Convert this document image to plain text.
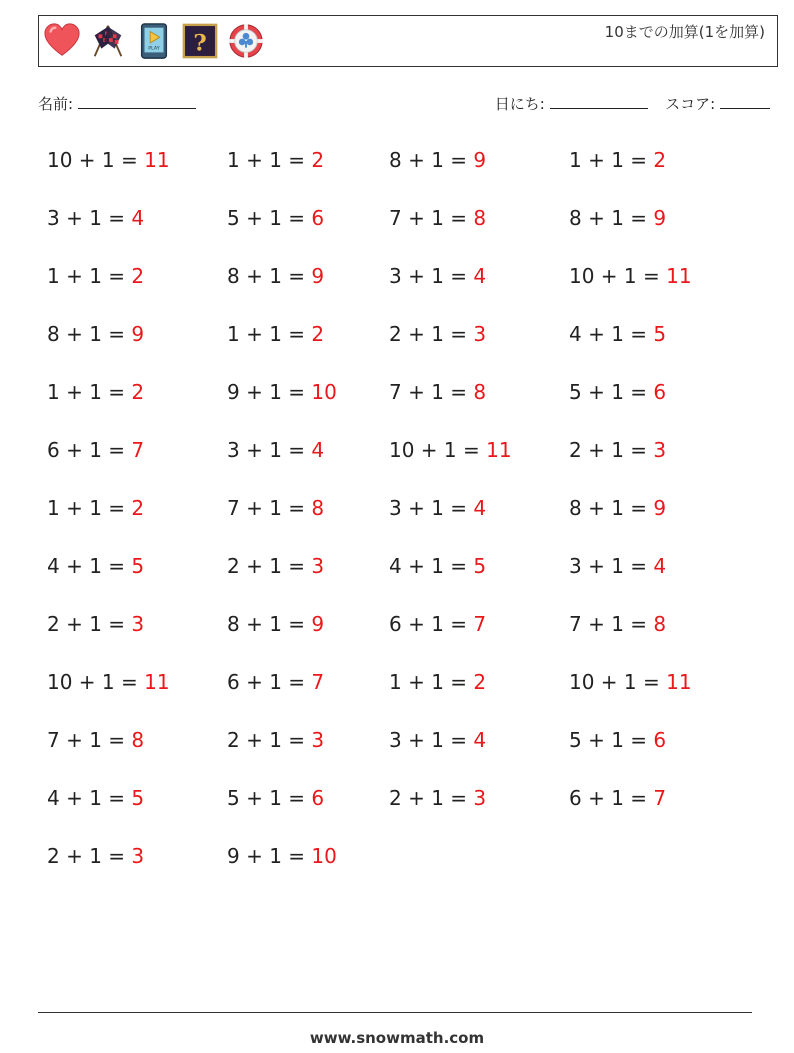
PLAY ?	10までの加算(1を加算)
名前:	日にち:	スコア:
10 + 1 = 11	1 + 1 = 2	8 + 1 = 9	1 + 1 = 2
3 + 1 = 4	5 + 1 = 6	7 + 1 = 8	8 + 1 = 9
1 + 1 = 2	8 + 1 = 9	3 + 1 = 4	10 + 1 = 11
8 + 1 = 9	1 + 1 = 2	2 + 1 = 3	4 + 1 = 5
1 + 1 = 2	9 + 1 = 10	7 + 1 = 8	5 + 1 = 6
6 + 1 = 7	3 + 1 = 4	10 + 1 = 11	2 + 1 = 3
1 + 1 = 2	7 + 1 = 8	3 + 1 = 4	8 + 1 = 9
4 + 1 = 5	2 + 1 = 3	4 + 1 = 5	3 + 1 = 4
2 + 1 = 3	8 + 1 = 9	6 + 1 = 7	7 + 1 = 8
10 + 1 = 11	6 + 1 = 7	1 + 1 = 2	10 + 1 = 11
7 + 1 = 8	2 + 1 = 3	3 + 1 = 4	5 + 1 = 6
4 + 1 = 5	5 + 1 = 6	2 + 1 = 3	6 + 1 = 7
2 + 1 = 3	9 + 1 = 10
www.snowmath.com
